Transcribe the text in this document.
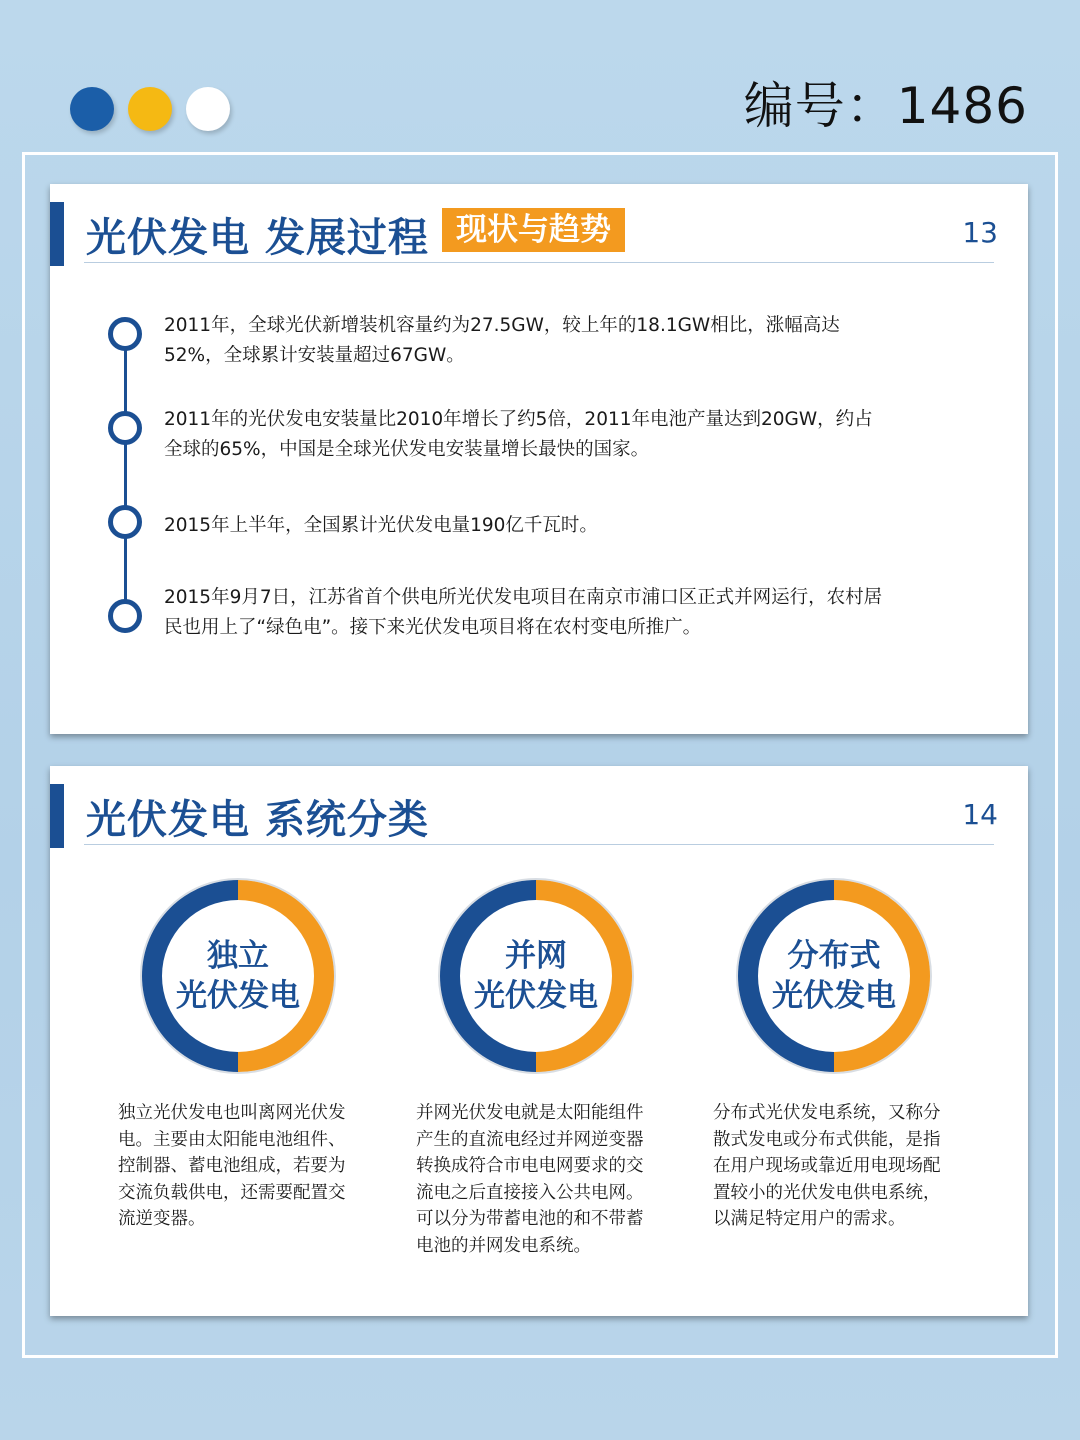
编号：1486
光伏发电 发展过程 现状与趋势	13
2011年，全球光伏新增装机容量约为27.5GW，较上年的18.1GW相比，涨幅高达52%，全球累计安装量超过67GW。
2011年的光伏发电安装量比2010年增长了约5倍，2011年电池产量达到20GW，约占全球的65%，中国是全球光伏发电安装量增长最快的国家。
2015年上半年，全国累计光伏发电量190亿千瓦时。
2015年9月7日，江苏省首个供电所光伏发电项目在南京市浦口区正式并网运行，农村居民也用上了“绿色电”。接下来光伏发电项目将在农村变电所推广。
光伏发电 系统分类	14
独立
光伏发电
并网
光伏发电
分布式
光伏发电
独立光伏发电也叫离网光伏发电。主要由太阳能电池组件、控制器、蓄电池组成，若要为交流负载供电，还需要配置交流逆变器。
并网光伏发电就是太阳能组件产生的直流电经过并网逆变器转换成符合市电电网要求的交流电之后直接接入公共电网。可以分为带蓄电池的和不带蓄电池的并网发电系统。
分布式光伏发电系统，又称分散式发电或分布式供能，是指在用户现场或靠近用电现场配置较小的光伏发电供电系统，以满足特定用户的需求。
